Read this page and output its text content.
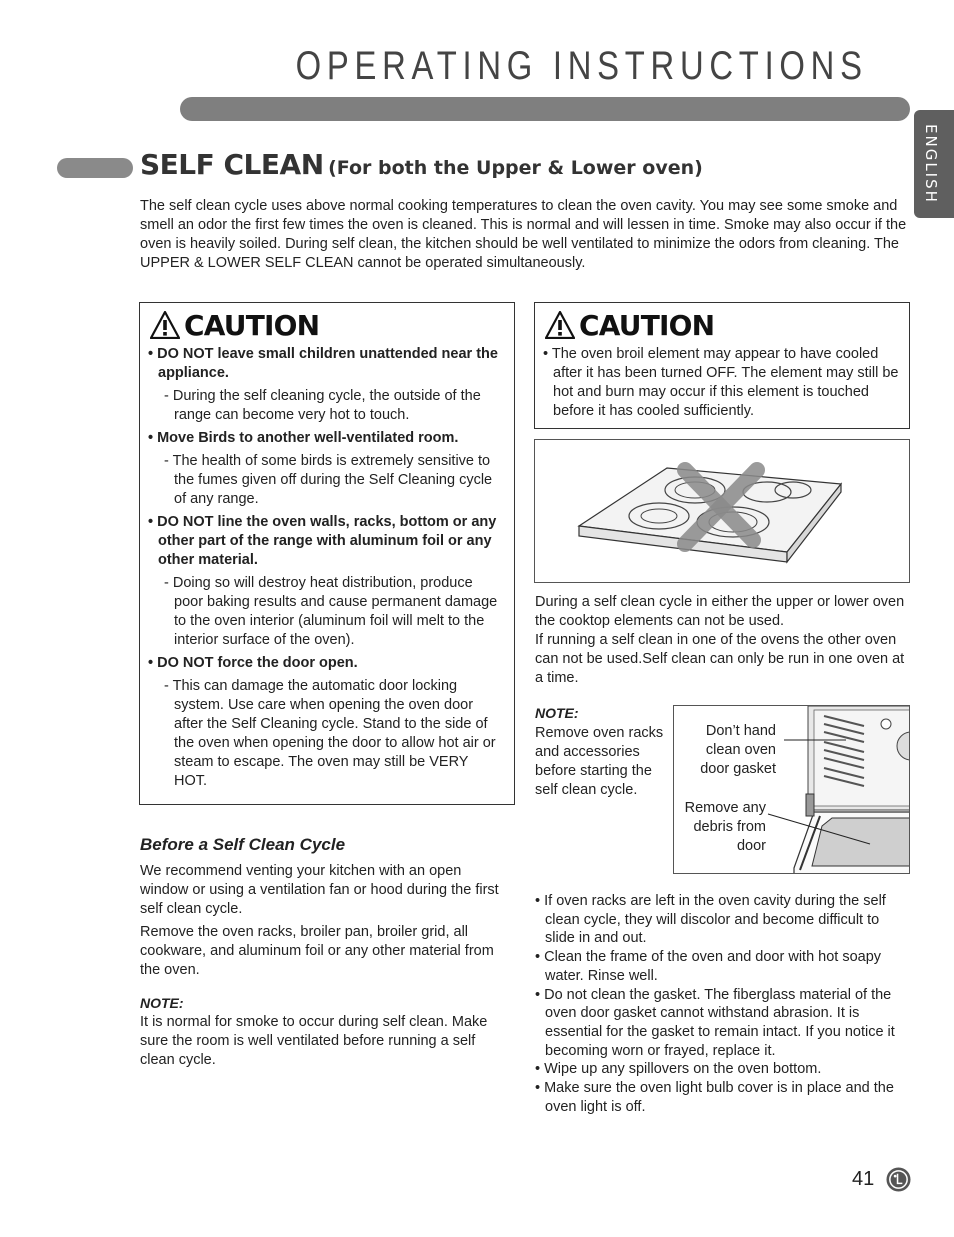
OPERATING INSTRUCTIONS
ENGLISH
SELF CLEAN (For both the Upper & Lower oven)
The self clean cycle uses above normal cooking temperatures to clean the oven cavity. You may see some smoke and smell an odor the first few times the oven is cleaned. This is normal and will lessen in time. Smoke may also occur if the oven is heavily soiled. During self clean, the kitchen should be well ventilated to minimize the odors from cleaning. The UPPER & LOWER SELF CLEAN cannot be operated simultaneously.
CAUTION
• DO NOT leave small children unattended near the appliance.
- During the self cleaning cycle, the outside of the range can become very hot to touch.
• Move Birds to another well-ventilated room.
- The health of some birds is extremely sensitive to the fumes given off during the Self Cleaning cycle of any range.
• DO NOT line the oven walls, racks, bottom or any other part of the range with aluminum foil or any other material.
- Doing so will destroy heat distribution, produce poor baking results and cause permanent damage to the oven interior (aluminum foil will melt to the interior surface of the oven).
• DO NOT force the door open.
- This can damage the automatic door locking system. Use care when opening the oven door after the Self Cleaning cycle. Stand to the side of the oven when opening the door to allow hot air or steam to escape. The oven may still be VERY HOT.
CAUTION
• The oven broil element may appear to have cooled after it has been turned OFF. The element may still be hot and burn may occur if this element is touched before it has cooled sufficiently.
During a self clean cycle in either the upper or lower oven the cooktop elements can not be used.
If running a self clean in one of the ovens the other oven can not be used.Self clean can only be run in one oven at a time.
NOTE:
Remove oven racks and accessories before starting the self clean cycle.
Don’t hand clean oven door gasket
Remove any debris from door
• If oven racks are left in the oven cavity during the self clean cycle, they will discolor and become difficult to slide in and out.
• Clean the frame of the oven and door with hot soapy water. Rinse well.
• Do not clean the gasket. The fiberglass material of the oven door gasket cannot withstand abrasion. It is essential for the gasket to remain intact. If you notice it becoming worn or frayed, replace it.
• Wipe up any spillovers on the oven bottom.
• Make sure the oven light bulb cover is in place and the oven light is off.
Before a Self Clean Cycle

We recommend venting your kitchen with an open window or using a ventilation fan or hood during the first self clean cycle.

Remove the oven racks, broiler pan, broiler grid, all cookware, and aluminum foil or any other material from the oven.

NOTE:
It is normal for smoke to occur during self clean. Make sure the room is well ventilated before running a self clean cycle.
41
